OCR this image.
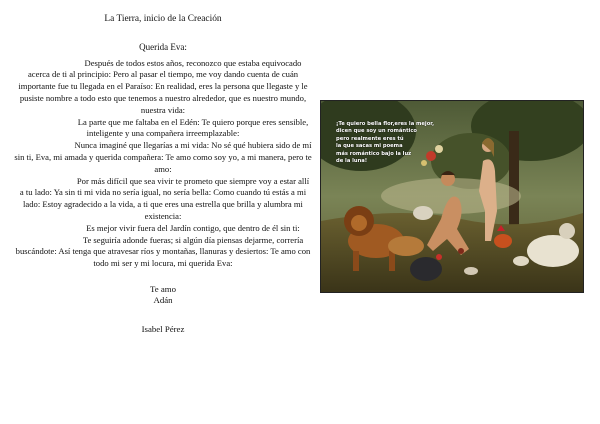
La Tierra, inicio de la Creación
Querida Eva:

Después de todos estos años, reconozco que estaba equivocado acerca de ti al principio: Pero al pasar el tiempo, me voy dando cuenta de cuán importante fue tu llegada en el Paraíso: En realidad, eres la persona que llegaste y le pusiste nombre a todo esto que tenemos a nuestro alrededor, que es nuestro mundo, nuestra vida:

La parte que me faltaba en el Edén: Te quiero porque eres sensible, inteligente y una compañera irreemplazable:

Nunca imaginé que llegarías a mi vida: No sé qué hubiera sido de mí sin ti, Eva, mi amada y querida compañera: Te amo como soy yo, a mi manera, pero te amo:

Por más difícil que sea vivir te prometo que siempre voy a estar allí a tu lado: Ya sin ti mi vida no sería igual, no sería bella: Como cuando tú estás a mi lado: Estoy agradecido a la vida, a ti que eres una estrella que brilla y alumbra mi existencia:

Es mejor vivir fuera del Jardín contigo, que dentro de él sin ti:

Te seguiría adonde fueras; si algún día piensas dejarme, correría buscándote: Así tenga que atravesar ríos y montañas, llanuras y desiertos: Te amo con todo mi ser y mi locura, mi querida Eva:

Te amo
Adán
Isabel Pérez
¡Te quiero bella flor,eres la mejor,
dicen que soy un romántico
pero realmente eres tú
la que sacas mi poema
más romántico bajo la luz
de la luna!
